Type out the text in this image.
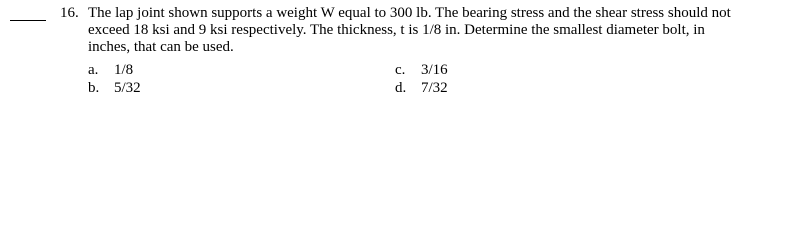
16. The lap joint shown supports a weight W equal to 300 lb. The bearing stress and the shear stress should not
exceed 18 ksi and 9 ksi respectively. The thickness, t is 1/8 in. Determine the smallest diameter bolt, in
inches, that can be used.
a. 1/8
b. 5/32
c. 3/16
d. 7/32
